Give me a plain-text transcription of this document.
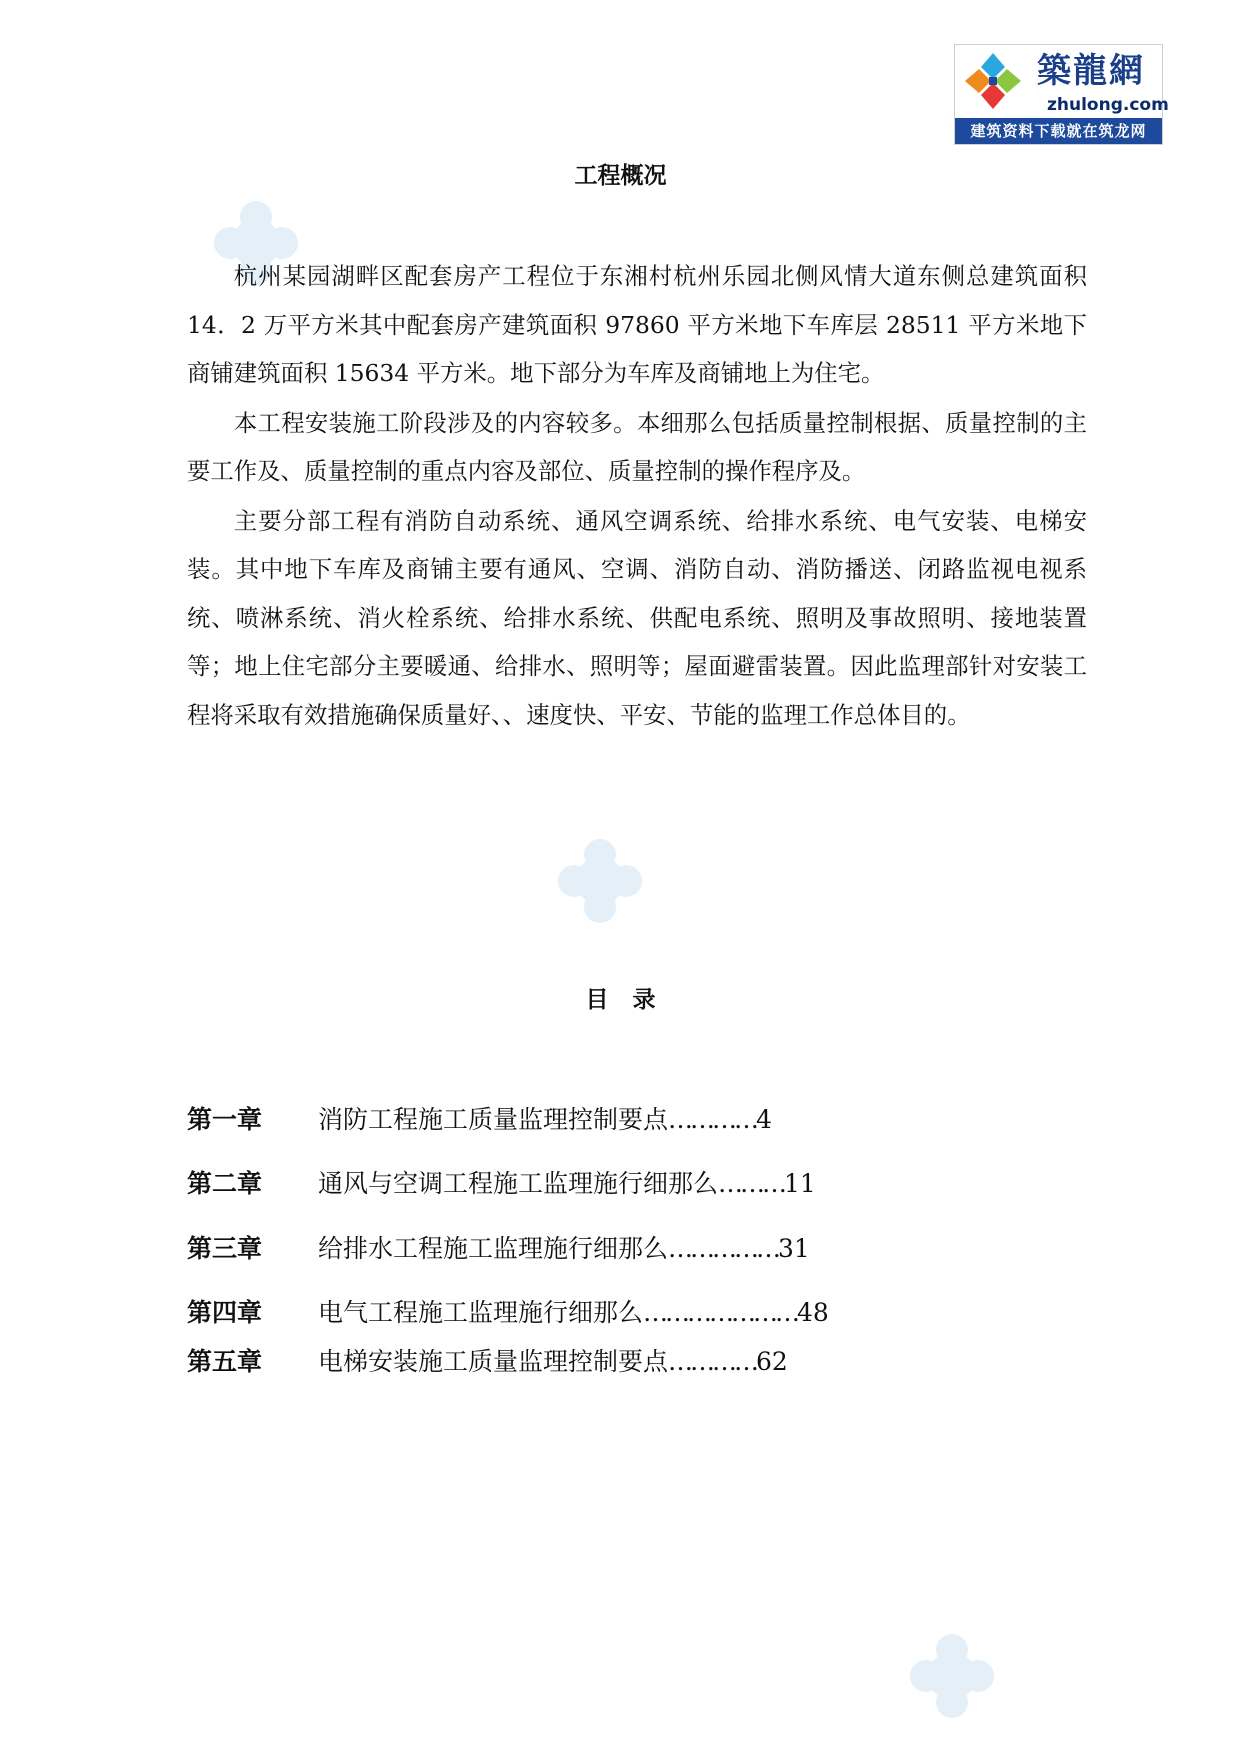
築龍網
zhulong.com
建筑资料下载就在筑龙网
工程概况

杭州某园湖畔区配套房产工程位于东湘村杭州乐园北侧风情大道东侧总建筑面积 14．2 万平方米其中配套房产建筑面积 97860 平方米地下车库层 28511 平方米地下商铺建筑面积 15634 平方米。地下部分为车库及商铺地上为住宅。

本工程安装施工阶段涉及的内容较多。本细那么包括质量控制根据、质量控制的主要工作及、质量控制的重点内容及部位、质量控制的操作程序及。

主要分部工程有消防自动系统、通风空调系统、给排水系统、电气安装、电梯安装。其中地下车库及商铺主要有通风、空调、消防自动、消防播送、闭路监视电视系统、喷淋系统、消火栓系统、给排水系统、供配电系统、照明及事故照明、接地装置等；地上住宅部分主要暖通、给排水、照明等；屋面避雷装置。因此监理部针对安装工程将采取有效措施确保质量好、、速度快、平安、节能的监理工作总体目的。

目录
第一章 消防工程施工质量监理控制要点…………4
第二章 通风与空调工程施工监理施行细那么………11
第三章 给排水工程施工监理施行细那么……………31
第四章 电气工程施工监理施行细那么…………………48
第五章 电梯安装施工质量监理控制要点…………62
